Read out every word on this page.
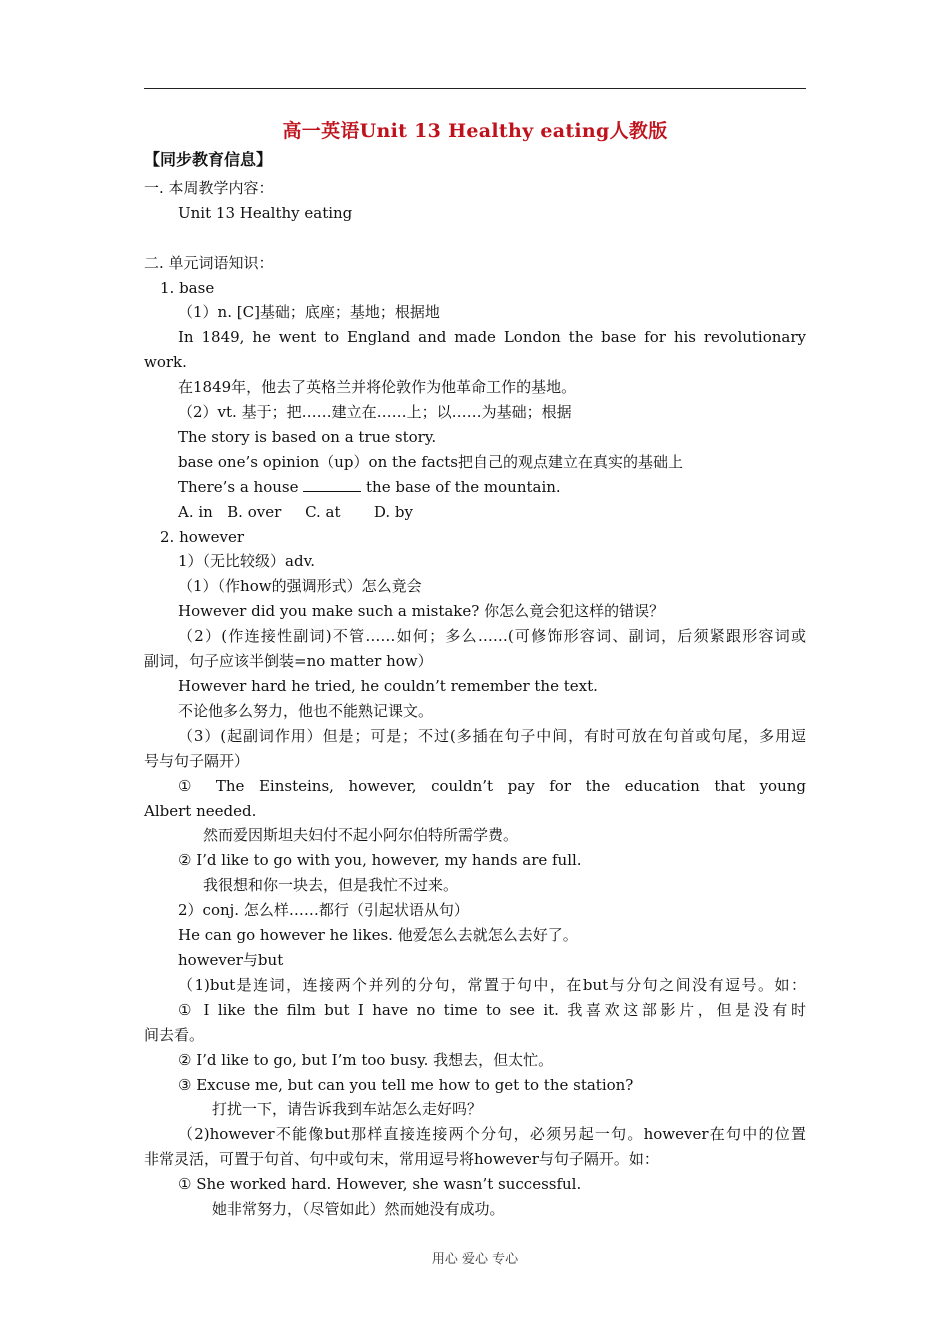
高一英语Unit 13 Healthy eating人教版
【同步教育信息】
一. 本周教学内容：
Unit 13 Healthy eating
二. 单元词语知识：
1. base
（1）n. [C]基础；底座；基地；根据地
In 1849, he went to England and made London the base for his revolutionary
work.
在1849年，他去了英格兰并将伦敦作为他革命工作的基地。
（2）vt. 基于；把……建立在……上；以……为基础；根据
The story is based on a true story.
base one’s opinion（up）on the facts把自己的观点建立在真实的基础上
There’s a house	the base of the mountain.
A. in   B. over     C. at       D. by
2. however
1）（无比较级）adv.
（1）（作how的强调形式）怎么竟会
However did you make such a mistake? 你怎么竟会犯这样的错误？
（2）(作连接性副词)不管……如何；多么……(可修饰形容词、副词，后须紧跟形容词或
副词，句子应该半倒装=no matter how）
However hard he tried, he couldn’t remember the text.
不论他多么努力，他也不能熟记课文。
（3）(起副词作用）但是；可是；不过(多插在句子中间，有时可放在句首或句尾，多用逗
号与句子隔开）
① The Einsteins, however, couldn’t pay for the education that young
Albert needed.
然而爱因斯坦夫妇付不起小阿尔伯特所需学费。
② I’d like to go with you, however, my hands are full.
我很想和你一块去，但是我忙不过来。
2）conj. 怎么样……都行（引起状语从句）
He can go however he likes. 他爱怎么去就怎么去好了。
however与but
（1)but是连词，连接两个并列的分句，常置于句中，在but与分句之间没有逗号。如：
① I like the film but I have no time to see it. 我喜欢这部影片，但是没有时
间去看。
② I’d like to go, but I’m too busy. 我想去，但太忙。
③ Excuse me, but can you tell me how to get to the station?
打扰一下，请告诉我到车站怎么走好吗？
（2)however不能像but那样直接连接两个分句，必须另起一句。however在句中的位置
非常灵活，可置于句首、句中或句末，常用逗号将however与句子隔开。如：
① She worked hard. However, she wasn’t successful.
她非常努力，（尽管如此）然而她没有成功。
用心 爱心 专心
